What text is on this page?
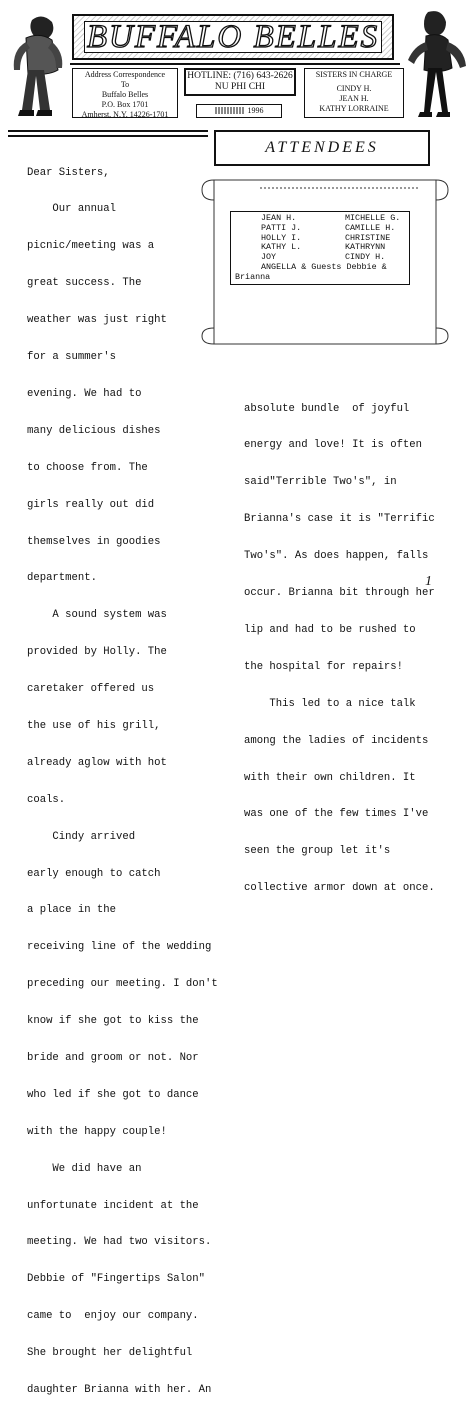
BUFFALO BELLES
Address Correspondence
To
Buffalo Belles
P.O. Box 1701
Amherst, N.Y. 14226-1701
HOTLINE: (716) 643-2626
NU PHI CHI
1996
SISTERS IN CHARGE
CINDY H.
JEAN H.
KATHY LORRAINE

Dear Sisters,

Our annual

picnic/meeting was a

great success. The

weather was just right

for a summer's

evening. We had to

many delicious dishes

to choose from. The

girls really out did

themselves in goodies

department.

A sound system was

provided by Holly. The

caretaker offered us

the use of his grill,

already aglow with hot

coals.

Cindy arrived

early enough to catch

a place in the

receiving line of the wedding

preceding our meeting. I don't

know if she got to kiss the

bride and groom or not. Nor

who led if she got to dance

with the happy couple!

We did have an

unfortunate incident at the

meeting. We had two visitors.

Debbie of "Fingertips Salon"

came to  enjoy our company.

She brought her delightful

daughter Brianna with her. An

absolute bundle  of joyful

energy and love! It is often

said"Terrible Two's", in

Brianna's case it is "Terrific

Two's". As does happen, falls

occur. Brianna bit through her

lip and had to be rushed to

the hospital for repairs!

This led to a nice talk

among the ladies of incidents

with their own children. It

was one of the few times I've

seen the group let it's

collective armor down at once.

ATTENDEES
JEAN H.	MICHELLE G.
PATTI J.	CAMILLE H.
HOLLY I.	CHRISTINE
KATHY L.	KATHRYNN
JOY	CINDY H.
ANGELLA & Guests Debbie &
Brianna
1
